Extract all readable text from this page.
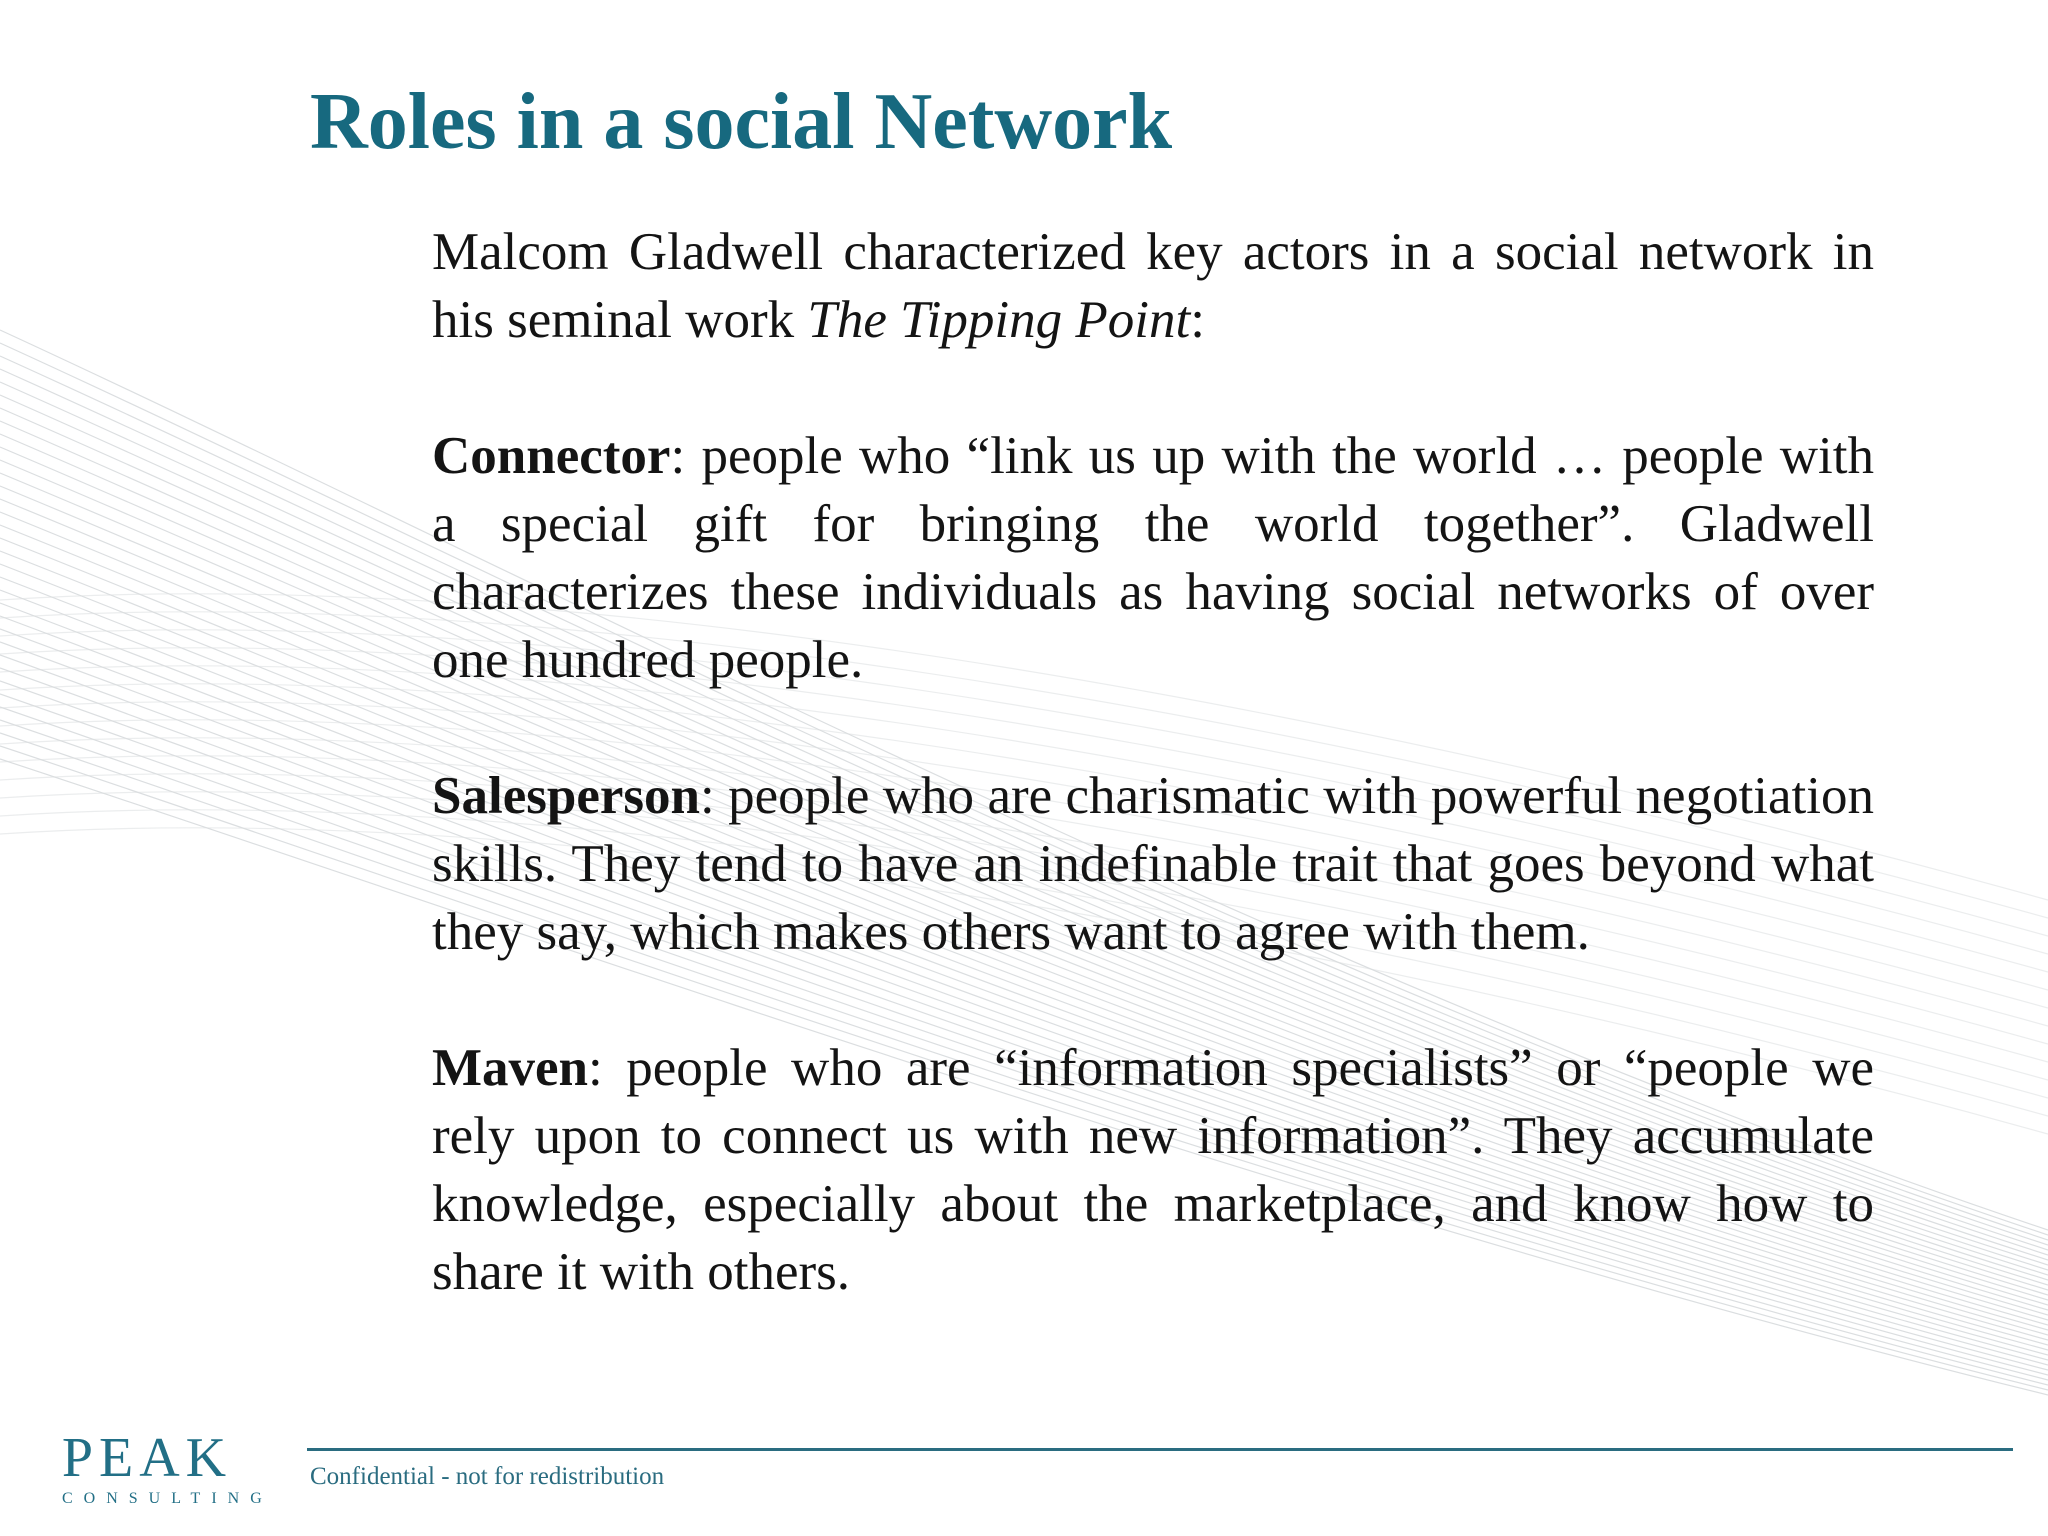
Roles in a social Network

Malcom Gladwell characterized key actors in a social network in his seminal work The Tipping Point:

Connector: people who “link us up with the world … people with a special gift for bringing the world together”. Gladwell characterizes these individuals as having social networks of over one hundred people.

Salesperson: people who are charismatic with powerful negotiation skills. They tend to have an indefinable trait that goes beyond what they say, which makes others want to agree with them.

Maven: people who are “information specialists” or “people we rely upon to connect us with new information”. They accumulate knowledge, especially about the marketplace, and know how to share it with others.

PEAK
CONSULTING
Confidential - not for redistribution
